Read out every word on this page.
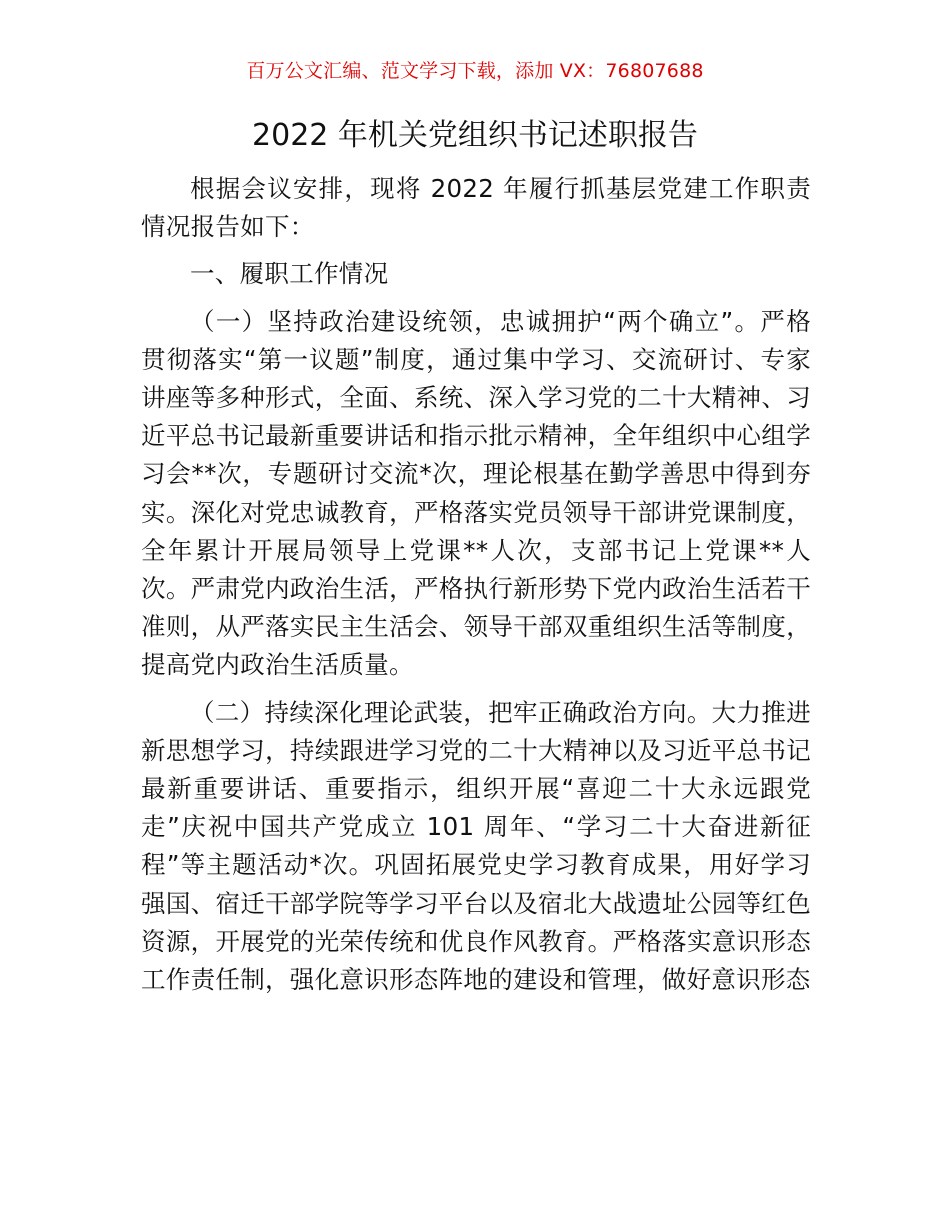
百万公文汇编、范文学习下载，添加 VX：76807688
2022 年机关党组织书记述职报告

根据会议安排，现将 2022 年履行抓基层党建工作职责情况报告如下：

一、履职工作情况

（一）坚持政治建设统领，忠诚拥护“两个确立”。严格贯彻落实“第一议题”制度，通过集中学习、交流研讨、专家讲座等多种形式，全面、系统、深入学习党的二十大精神、习近平总书记最新重要讲话和指示批示精神，全年组织中心组学习会**次，专题研讨交流*次，理论根基在勤学善思中得到夯实。深化对党忠诚教育，严格落实党员领导干部讲党课制度，全年累计开展局领导上党课**人次，支部书记上党课**人次。严肃党内政治生活，严格执行新形势下党内政治生活若干准则，从严落实民主生活会、领导干部双重组织生活等制度，提高党内政治生活质量。

（二）持续深化理论武装，把牢正确政治方向。大力推进新思想学习，持续跟进学习党的二十大精神以及习近平总书记最新重要讲话、重要指示，组织开展“喜迎二十大永远跟党走”庆祝中国共产党成立 101 周年、“学习二十大奋进新征程”等主题活动*次。巩固拓展党史学习教育成果，用好学习强国、宿迁干部学院等学习平台以及宿北大战遗址公园等红色资源，开展党的光荣传统和优良作风教育。严格落实意识形态工作责任制，强化意识形态阵地的建设和管理，做好意识形态
